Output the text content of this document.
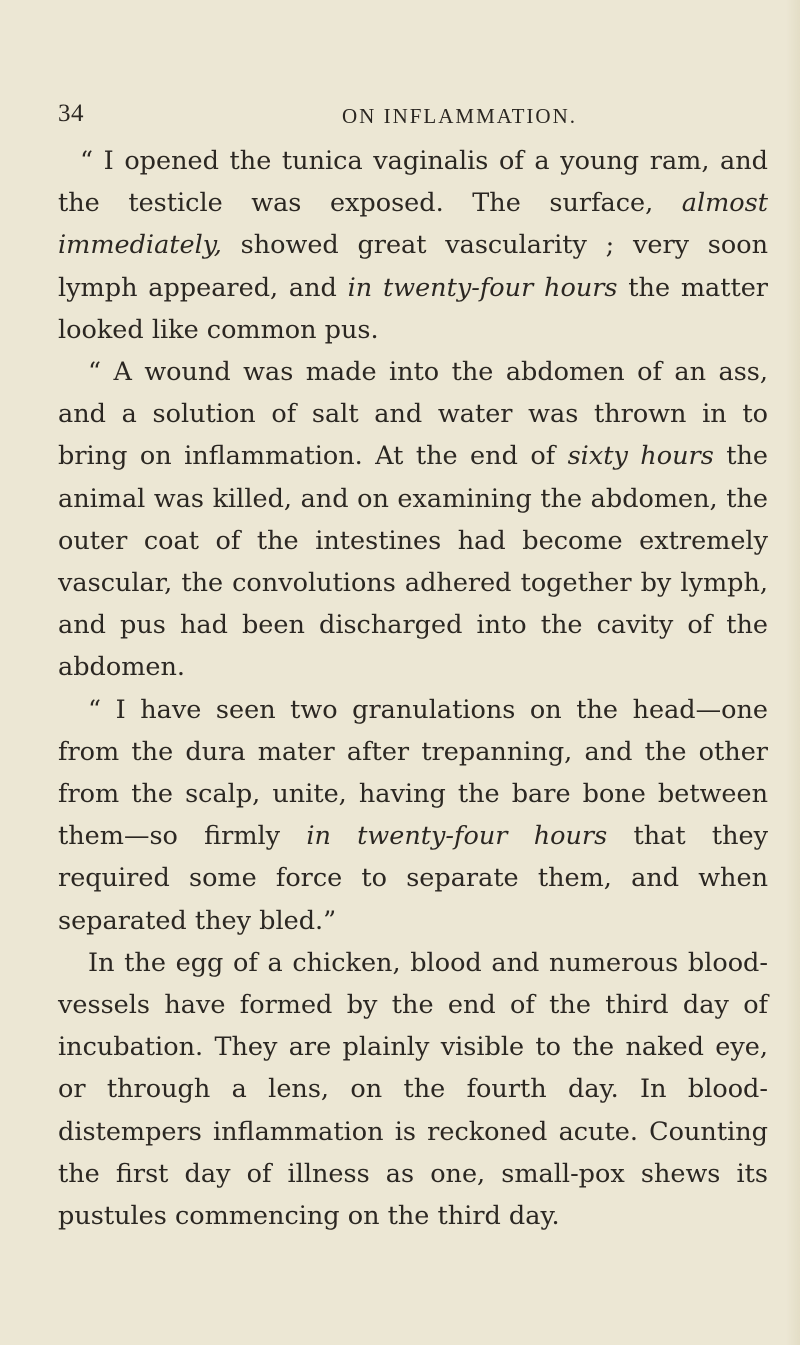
34	ON INFLAMMATION.

“ I opened the tunica vaginalis of a young ram, and the testicle was exposed. The surface, almost immediately, showed great vascularity ; very soon lymph appeared, and in twenty-four hours the matter looked like common pus.

“ A wound was made into the abdomen of an ass, and a solution of salt and water was thrown in to bring on inflammation. At the end of sixty hours the animal was killed, and on examining the abdomen, the outer coat of the intestines had become extremely vascular, the convolutions adhered together by lymph, and pus had been discharged into the cavity of the abdomen.

“ I have seen two granulations on the head—one from the dura mater after trepanning, and the other from the scalp, unite, having the bare bone between them—so firmly in twenty-four hours that they required some force to separate them, and when separated they bled.”

In the egg of a chicken, blood and numerous blood-vessels have formed by the end of the third day of incubation. They are plainly visible to the naked eye, or through a lens, on the fourth day. In blood-distempers inflammation is reckoned acute. Counting the first day of illness as one, small-pox shews its pustules commencing on the third day.
